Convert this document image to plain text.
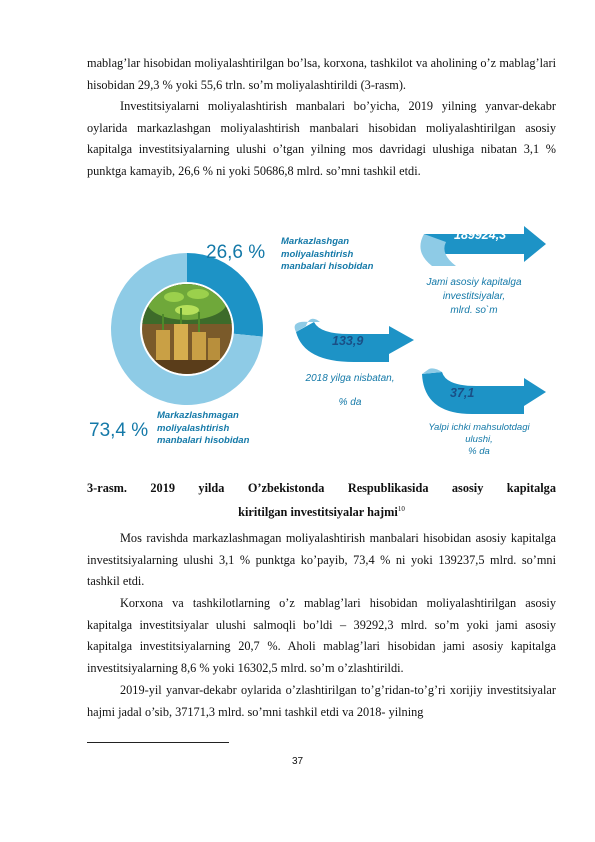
mablag’lar hisobidan moliyalashtirilgan bo’lsa, korxona, tashkilot va aholining o’z mablag’lari hisobidan 29,3 % yoki 55,6 trln. so’m moliyalashtirildi (3-rasm).

Investitsiyalarni moliyalashtirish manbalari bo’yicha, 2019 yilning yanvar-dekabr oylarida markazlashgan moliyalashtirish manbalari hisobidan moliyalashtirilgan asosiy kapitalga investitsiyalarning ulushi o’tgan yilning mos davridagi ulushiga nibatan 3,1 % punktga kamayib, 26,6 % ni yoki 50686,8 mlrd. so’mni tashkil etdi.

26,6 %
Markazlashgan
moliyalashtirish
manbalari hisobidan
73,4 %
Markazlashmagan
moliyalashtirish
manbalari hisobidan
189924,3
Jami asosiy kapitalga
investitsiyalar,
mlrd. so`m
133,9
2018 yilga nisbatan,
% da
37,1
Yalpi ichki mahsulotdagi
ulushi,
% da
3-rasm. 2019 yilda O’zbekistonda Respublikasida asosiy kapitalga
kiritilgan investitsiyalar hajmi$^{10}$

Mos ravishda markazlashmagan moliyalashtirish manbalari hisobidan asosiy kapitalga investitsiyalarning ulushi 3,1 % punktga ko’payib, 73,4 % ni yoki 139237,5 mlrd. so’mni tashkil etdi.

Korxona va tashkilotlarning o’z mablag’lari hisobidan moliyalashtirilgan asosiy kapitalga investitsiyalar ulushi salmoqli bo’ldi – 39292,3 mlrd. so’m yoki jami asosiy kapitalga investitsiyalarning 20,7 %. Aholi mablag’lari hisobidan jami asosiy kapitalga investitsiyalarning 8,6 % yoki 16302,5 mlrd. so’m o’zlashtirildi.

2019-yil yanvar-dekabr oylarida o’zlashtirilgan to’g’ridan-to’g’ri xorijiy investitsiyalar hajmi jadal o’sib, 37171,3 mlrd. so’mni tashkil etdi va 2018- yilning

37
